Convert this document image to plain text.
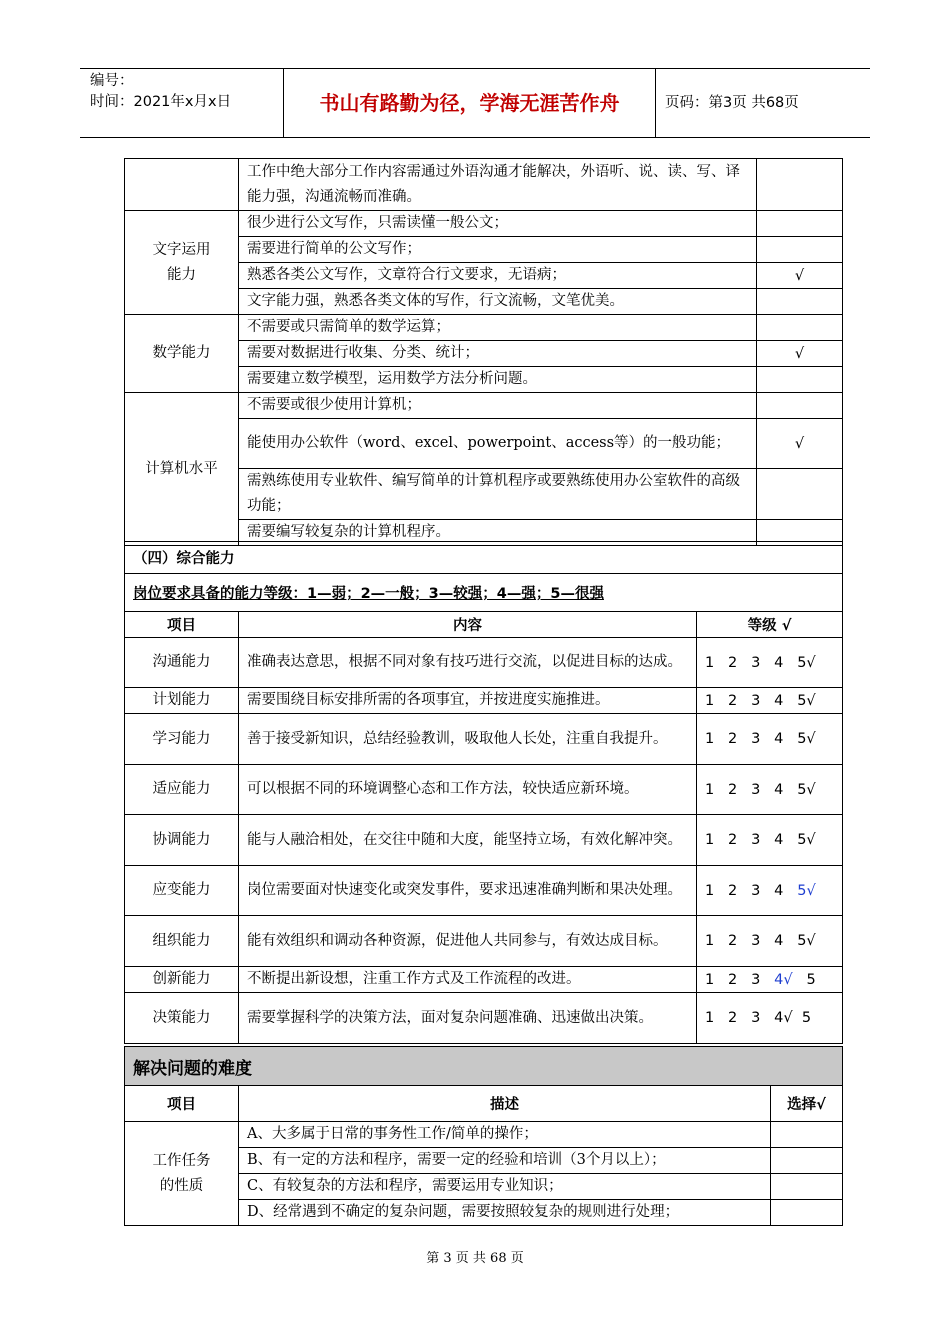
编号：
时间：2021年x月x日	书山有路勤为径，学海无涯苦作舟	页码：第3页 共68页
	工作中绝大部分工作内容需通过外语沟通才能解决，外语听、说、读、写、译能力强，沟通流畅而准确。	

文字运用能力	很少进行公文写作，只需读懂一般公文；	
	需要进行简单的公文写作；	
	熟悉各类公文写作，文章符合行文要求，无语病；	√
	文字能力强，熟悉各类文体的写作，行文流畅，文笔优美。	
数学能力	不需要或只需简单的数学运算；	
	需要对数据进行收集、分类、统计；	√
	需要建立数学模型，运用数学方法分析问题。	
计算机水平	不需要或很少使用计算机；	
	能使用办公软件（word、excel、powerpoint、access等）的一般功能；	√
	需熟练使用专业软件、编写简单的计算机程序或要熟练使用办公室软件的高级功能；	
	需要编写较复杂的计算机程序。	
（四）综合能力		
岗位要求具备的能力等级：1—弱；2—一般；3—较强；4—强；5—很强		
项目	内容	等级 √
沟通能力	准确表达意思，根据不同对象有技巧进行交流，以促进目标的达成。	1   2   3   4   5√
计划能力	需要围绕目标安排所需的各项事宜，并按进度实施推进。	1   2   3   4   5√
学习能力	善于接受新知识，总结经验教训，吸取他人长处，注重自我提升。	1   2   3   4   5√
适应能力	可以根据不同的环境调整心态和工作方法，较快适应新环境。	1   2   3   4   5√
协调能力	能与人融洽相处，在交往中随和大度，能坚持立场，有效化解冲突。	1   2   3   4   5√
应变能力	岗位需要面对快速变化或突发事件，要求迅速准确判断和果决处理。	1   2   3   4   5√
组织能力	能有效组织和调动各种资源，促进他人共同参与，有效达成目标。	1   2   3   4   5√
创新能力	不断提出新设想，注重工作方式及工作流程的改进。	1   2   3   4√   5
决策能力	需要掌握科学的决策方法，面对复杂问题准确、迅速做出决策。	1   2   3   4√  5
解决问题的难度		
项目	描述	选择√

工作任务的性质	A、大多属于日常的事务性工作/简单的操作；	
	B、有一定的方法和程序，需要一定的经验和培训（3个月以上）；	
	C、有较复杂的方法和程序，需要运用专业知识；	
	D、经常遇到不确定的复杂问题，需要按照较复杂的规则进行处理；	
第 3 页 共 68 页
